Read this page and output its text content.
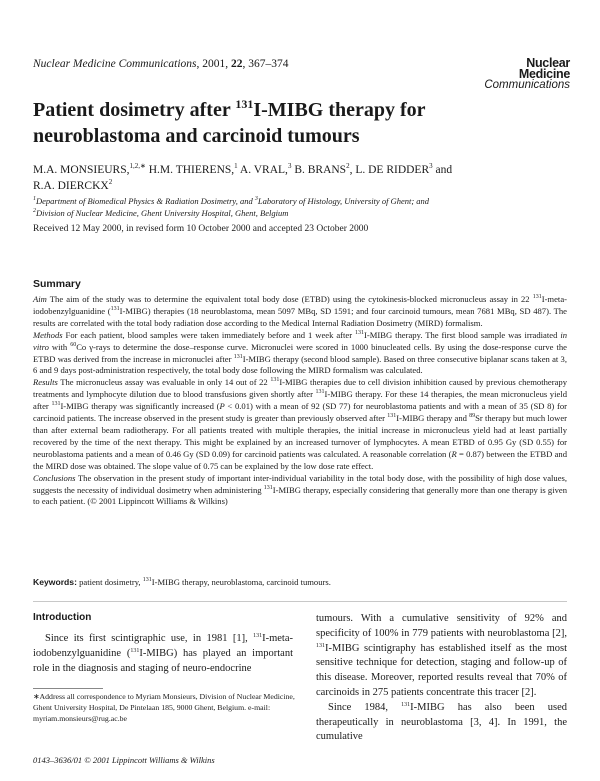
Nuclear Medicine Communications, 2001, 22, 367–374	Nuclear
Medicine
Communications
Patient dosimetry after $^{131}$I-MIBG therapy for neuroblastoma and carcinoid tumours
M.A. MONSIEURS,$^{1,2,∗}$ H.M. THIERENS,$^1$ A. VRAL,$^3$ B. BRANS$^2$, L. DE RIDDER$^3$ and R.A. DIERCKX$^2$
$^1$Department of Biomedical Physics & Radiation Dosimetry, and $^3$Laboratory of Histology, University of Ghent; and
$^2$Division of Nuclear Medicine, Ghent University Hospital, Ghent, Belgium
Received 12 May 2000, in revised form 10 October 2000 and accepted 23 October 2000
Summary

Aim The aim of the study was to determine the equivalent total body dose (ETBD) using the cytokinesis-blocked micronucleus assay in 22 $^{131}$I-meta-iodobenzylguanidine ($^{131}$I-MIBG) therapies (18 neuroblastoma, mean 5097 MBq, SD 1591; and four carcinoid tumours, mean 7681 MBq, SD 487). The results are correlated with the total body radiation dose according to the Medical Internal Radiation Dosimetry (MIRD) formalism.

Methods For each patient, blood samples were taken immediately before and 1 week after $^{131}$I-MIBG therapy. The first blood sample was irradiated in vitro with $^{60}$Co γ-rays to determine the dose–response curve. Micronuclei were scored in 1000 binucleated cells. By using the dose-response curve the ETBD was derived from the increase in micronuclei after $^{131}$I-MIBG therapy (second blood sample). Based on three consecutive biplanar scans taken at 3, 6 and 9 days post-administration respectively, the total body dose following the MIRD formalism was calculated.

Results The micronucleus assay was evaluable in only 14 out of 22 $^{131}$I-MIBG therapies due to cell division inhibition caused by previous chemotherapy treatments and lymphocyte dilution due to blood transfusions given shortly after $^{131}$I-MIBG therapy. For these 14 therapies, the mean micronucleus yield after $^{131}$I-MIBG therapy was significantly increased (P < 0.01) with a mean of 92 (SD 77) for neuroblastoma patients and with a mean of 35 (SD 8) for carcinoid patients. The increase observed in the present study is greater than previously observed after $^{131}$I-MIBG therapy and $^{89}$Sr therapy but much lower than after external beam radiotherapy. For all patients treated with multiple therapies, the initial increase in micronucleus yield had at least partially recovered by the time of the next therapy. This might be explained by an increased turnover of lymphocytes. A mean ETBD of 0.95 Gy (SD 0.55) for neuroblastoma patients and a mean of 0.46 Gy (SD 0.09) for carcinoid patients was calculated. A reasonable correlation (R = 0.87) between the ETBD and the MIRD dose was obtained. The slope value of 0.75 can be explained by the low dose rate effect.

Conclusions The observation in the present study of important inter-individual variability in the total body dose, with the possibility of high dose values, suggests the necessity of individual dosimetry when administering $^{131}$I-MIBG therapy, especially considering that generally more than one therapy is given to each patient. (© 2001 Lippincott Williams & Wilkins)

Keywords: patient dosimetry, $^{131}$I-MIBG therapy, neuroblastoma, carcinoid tumours.
Introduction

Since its first scintigraphic use, in 1981 [1], $^{131}$I-meta-iodobenzylguanidine ($^{131}$I-MIBG) has played an important role in the diagnosis and staging of neuro-endocrine

tumours. With a cumulative sensitivity of 92% and specificity of 100% in 779 patients with neuroblastoma [2], $^{131}$I-MIBG scintigraphy has established itself as the most sensitive technique for detection, staging and follow-up of this disease. Moreover, reported results reveal that 70% of carcinoids in 275 patients concentrate this tracer [2].

Since 1984, $^{131}$I-MIBG has also been used therapeutically in neuroblastoma [3, 4]. In 1991, the cumulative

∗Address all correspondence to Myriam Monsieurs, Division of Nuclear Medicine, Ghent University Hospital, De Pintelaan 185, 9000 Ghent, Belgium. e-mail: myriam.monsieurs@rug.ac.be
0143–3636/01 © 2001 Lippincott Williams & Wilkins
